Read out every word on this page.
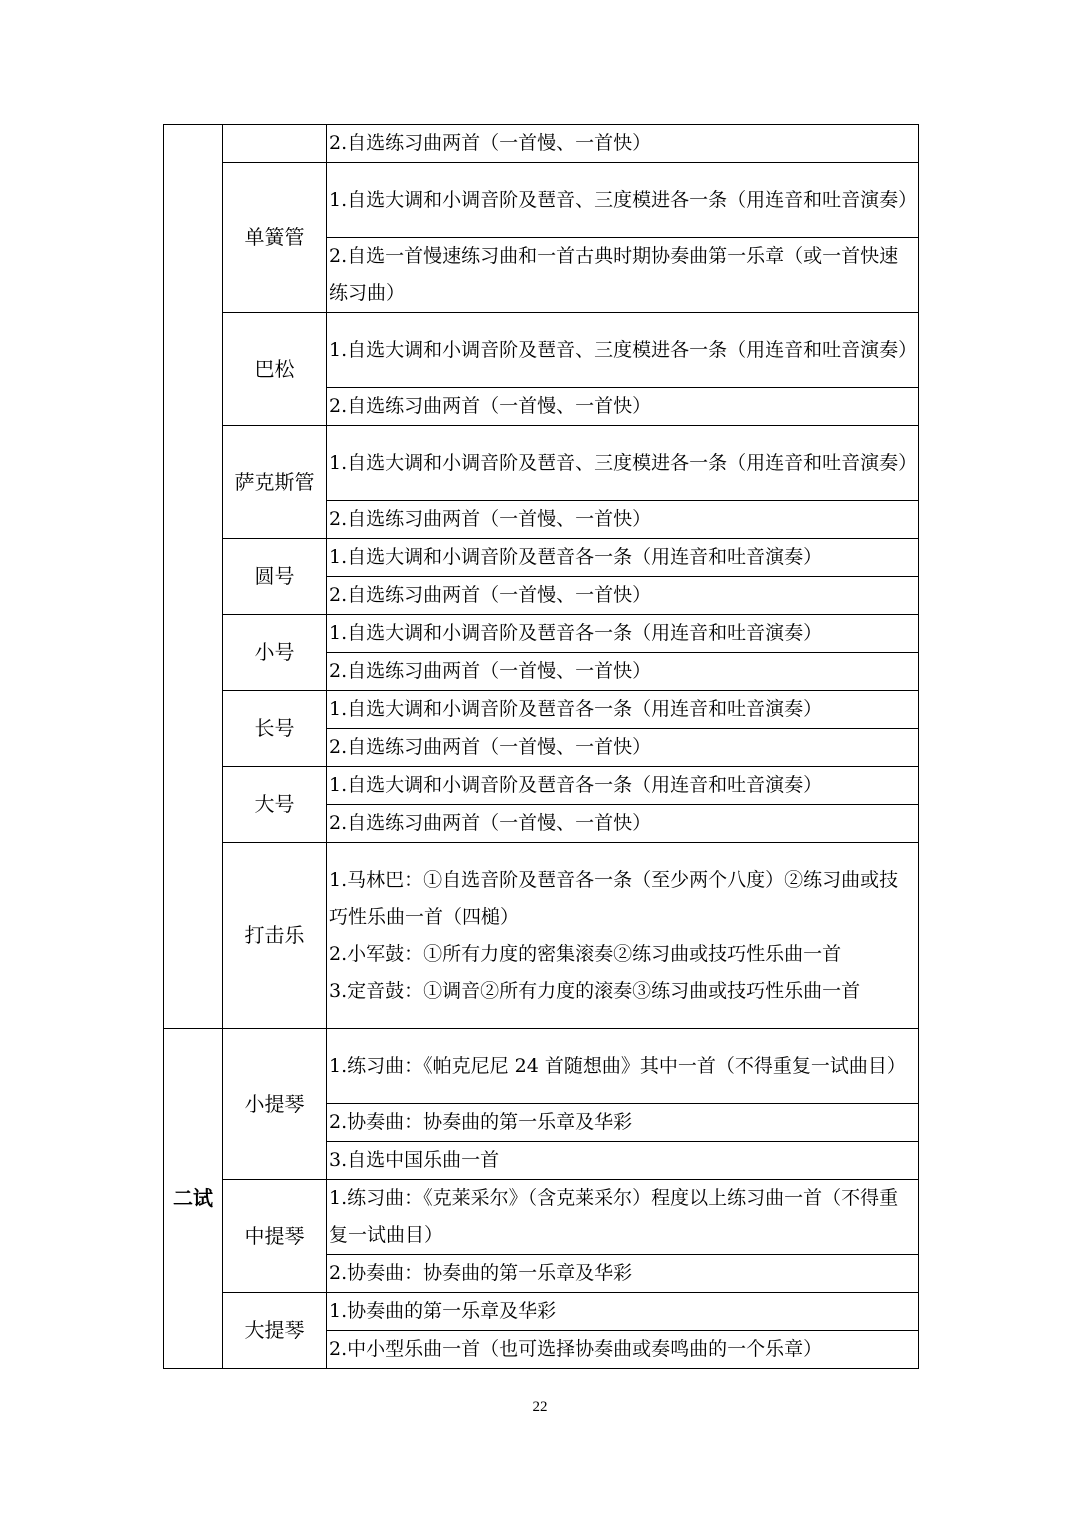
		2.自选练习曲两首（一首慢、一首快）
	单簧管	1.自选大调和小调音阶及琶音、三度模进各一条（用连音和吐音演奏）
		2.自选一首慢速练习曲和一首古典时期协奏曲第一乐章（或一首快速练习曲）
	巴松	1.自选大调和小调音阶及琶音、三度模进各一条（用连音和吐音演奏）
		2.自选练习曲两首（一首慢、一首快）
	萨克斯管	1.自选大调和小调音阶及琶音、三度模进各一条（用连音和吐音演奏）
		2.自选练习曲两首（一首慢、一首快）
	圆号	1.自选大调和小调音阶及琶音各一条（用连音和吐音演奏）
		2.自选练习曲两首（一首慢、一首快）
	小号	1.自选大调和小调音阶及琶音各一条（用连音和吐音演奏）
		2.自选练习曲两首（一首慢、一首快）
	长号	1.自选大调和小调音阶及琶音各一条（用连音和吐音演奏）
		2.自选练习曲两首（一首慢、一首快）
	大号	1.自选大调和小调音阶及琶音各一条（用连音和吐音演奏）
		2.自选练习曲两首（一首慢、一首快）
	打击乐	1.马林巴：①自选音阶及琶音各一条（至少两个八度）②练习曲或技巧性乐曲一首（四槌）
2.小军鼓：①所有力度的密集滚奏②练习曲或技巧性乐曲一首
3.定音鼓：①调音②所有力度的滚奏③练习曲或技巧性乐曲一首
二试	小提琴	1.练习曲：《帕克尼尼 24 首随想曲》其中一首（不得重复一试曲目）
		2.协奏曲：协奏曲的第一乐章及华彩
		3.自选中国乐曲一首
	中提琴	1.练习曲：《克莱采尔》（含克莱采尔）程度以上练习曲一首（不得重复一试曲目）
		2.协奏曲：协奏曲的第一乐章及华彩
	大提琴	1.协奏曲的第一乐章及华彩
		2.中小型乐曲一首（也可选择协奏曲或奏鸣曲的一个乐章）
22
